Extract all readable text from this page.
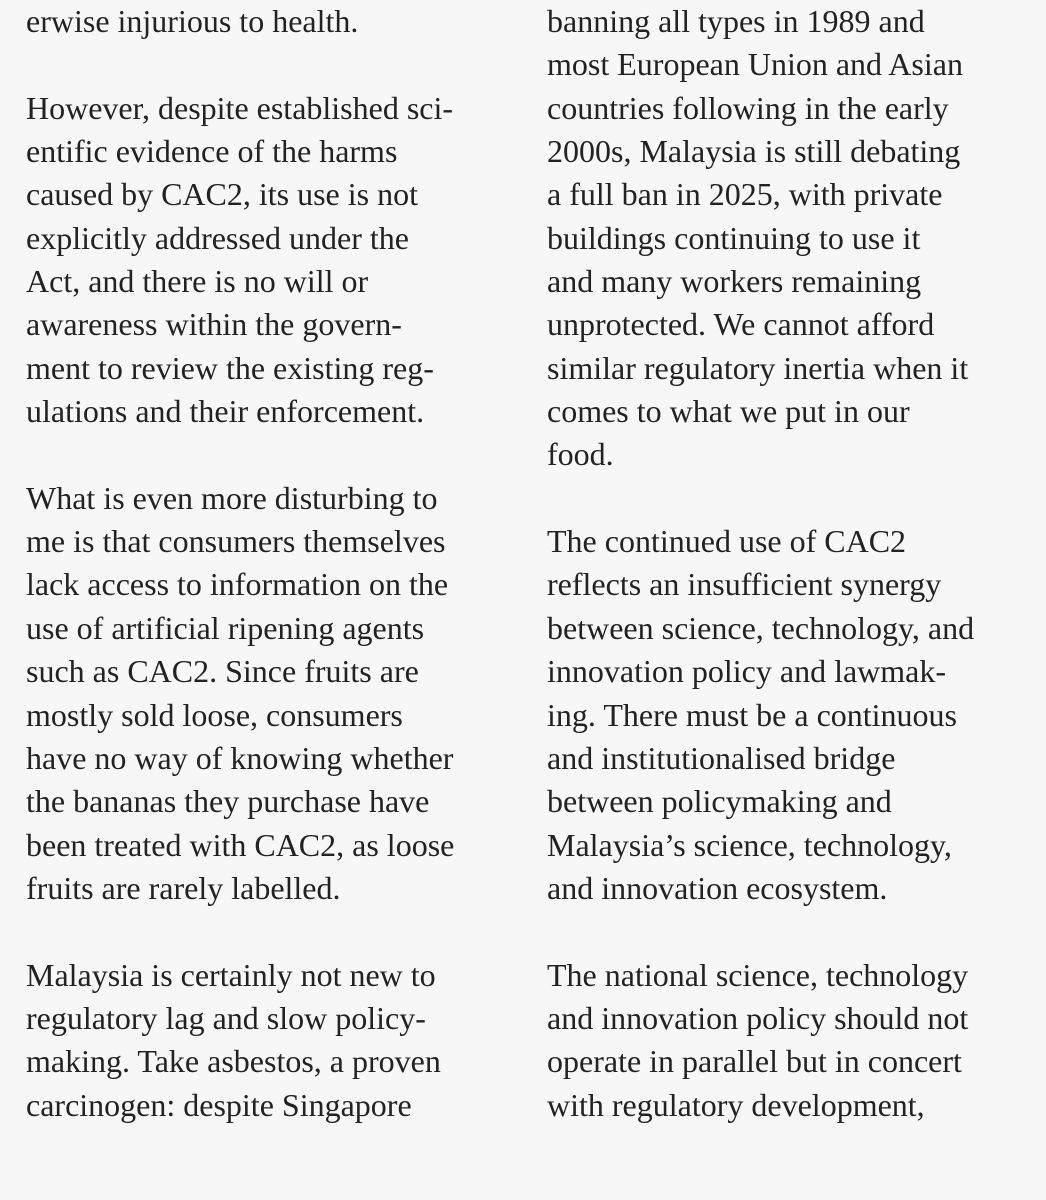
erwise injurious to health.
However, despite established sci-
entific evidence of the harms
caused by CAC2, its use is not
explicitly addressed under the
Act, and there is no will or
awareness within the govern-
ment to review the existing reg-
ulations and their enforcement.
What is even more disturbing to
me is that consumers themselves
lack access to information on the
use of artificial ripening agents
such as CAC2. Since fruits are
mostly sold loose, consumers
have no way of knowing whether
the bananas they purchase have
been treated with CAC2, as loose
fruits are rarely labelled.
Malaysia is certainly not new to
regulatory lag and slow policy-
making. Take asbestos, a proven
carcinogen: despite Singapore
banning all types in 1989 and
most European Union and Asian
countries following in the early
2000s, Malaysia is still debating
a full ban in 2025, with private
buildings continuing to use it
and many workers remaining
unprotected. We cannot afford
similar regulatory inertia when it
comes to what we put in our
food.
The continued use of CAC2
reflects an insufficient synergy
between science, technology, and
innovation policy and lawmak-
ing. There must be a continuous
and institutionalised bridge
between policymaking and
Malaysia’s science, technology,
and innovation ecosystem.
The national science, technology
and innovation policy should not
operate in parallel but in concert
with regulatory development,
